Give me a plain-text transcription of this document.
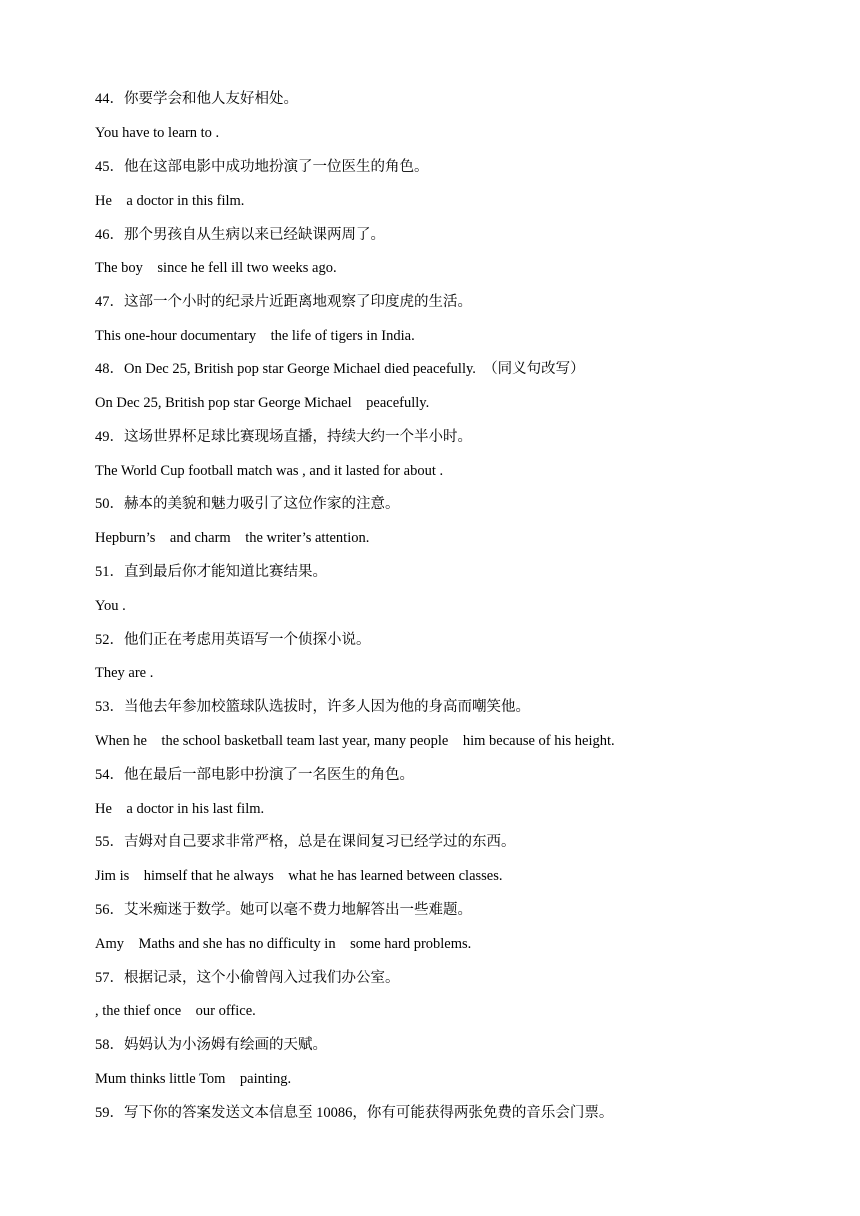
44．你要学会和他人友好相处。
You have to learn to .
45．他在这部电影中成功地扮演了一位医生的角色。
He    a doctor in this film.
46．那个男孩自从生病以来已经缺课两周了。
The boy    since he fell ill two weeks ago.
47．这部一个小时的纪录片近距离地观察了印度虎的生活。
This one-hour documentary    the life of tigers in India.
48．On Dec 25, British pop star George Michael died peacefully.  （同义句改写）
On Dec 25, British pop star George Michael    peacefully.
49．这场世界杯足球比赛现场直播，持续大约一个半小时。
The World Cup football match was , and it lasted for about .
50．赫本的美貌和魅力吸引了这位作家的注意。
Hepburn’s    and charm    the writer’s attention.
51．直到最后你才能知道比赛结果。
You .
52．他们正在考虑用英语写一个侦探小说。
They are .
53．当他去年参加校篮球队选拔时，许多人因为他的身高而嘲笑他。
When he    the school basketball team last year, many people    him because of his height.
54．他在最后一部电影中扮演了一名医生的角色。
He    a doctor in his last film.
55．吉姆对自己要求非常严格，总是在课间复习已经学过的东西。
Jim is    himself that he always    what he has learned between classes.
56．艾米痴迷于数学。她可以毫不费力地解答出一些难题。
Amy    Maths and she has no difficulty in    some hard problems.
57．根据记录，这个小偷曾闯入过我们办公室。
, the thief once    our office.
58．妈妈认为小汤姆有绘画的天赋。
Mum thinks little Tom    painting.
59．写下你的答案发送文本信息至 10086，你有可能获得两张免费的音乐会门票。
